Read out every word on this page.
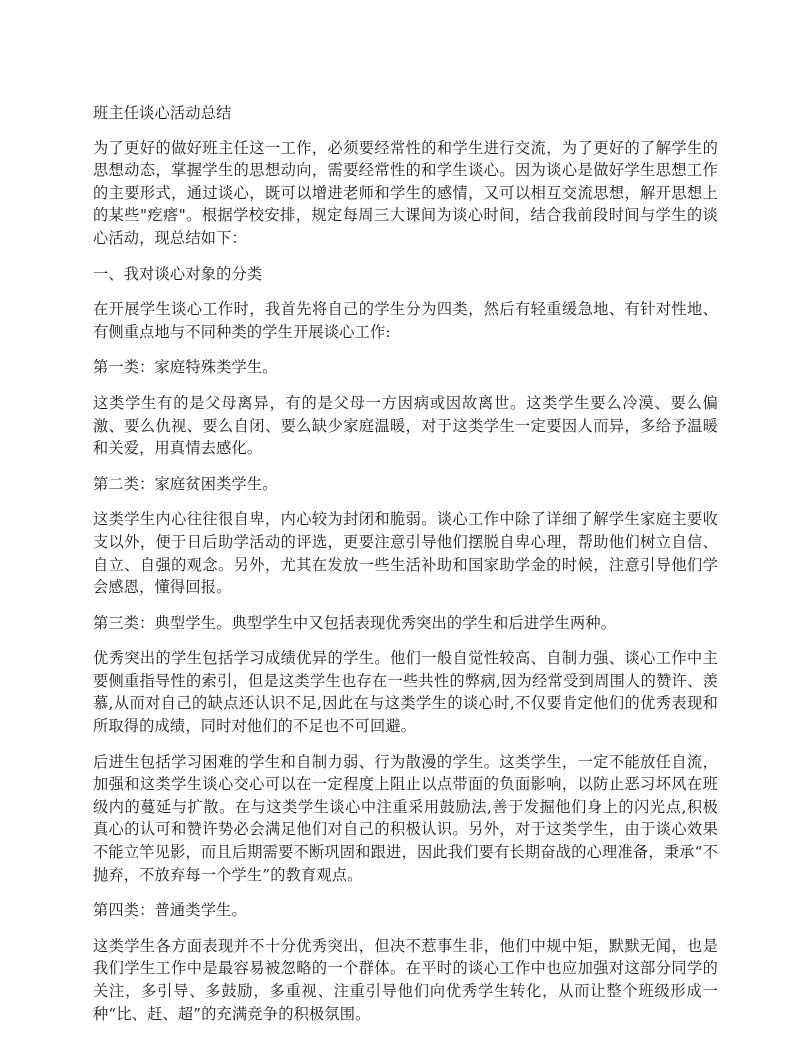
班主任谈心活动总结

为了更好的做好班主任这一工作，必须要经常性的和学生进行交流，为了更好的了解学生的思想动态，掌握学生的思想动向，需要经常性的和学生谈心。因为谈心是做好学生思想工作的主要形式，通过谈心，既可以增进老师和学生的感情，又可以相互交流思想，解开思想上的某些"疙瘩"。根据学校安排，规定每周三大课间为谈心时间，结合我前段时间与学生的谈心活动，现总结如下：

一、我对谈心对象的分类

在开展学生谈心工作时，我首先将自己的学生分为四类，然后有轻重缓急地、有针对性地、有侧重点地与不同种类的学生开展谈心工作:

第一类：家庭特殊类学生。

这类学生有的是父母离异，有的是父母一方因病或因故离世。这类学生要么冷漠、要么偏激、要么仇视、要么自闭、要么缺少家庭温暖，对于这类学生一定要因人而异，多给予温暖和关爱，用真情去感化。

第二类：家庭贫困类学生。

这类学生内心往往很自卑，内心较为封闭和脆弱。谈心工作中除了详细了解学生家庭主要收支以外，便于日后助学活动的评选，更要注意引导他们摆脱自卑心理，帮助他们树立自信、自立、自强的观念。另外，尤其在发放一些生活补助和国家助学金的时候，注意引导他们学会感恩，懂得回报。

第三类：典型学生。典型学生中又包括表现优秀突出的学生和后进学生两种。

优秀突出的学生包括学习成绩优异的学生。他们一般自觉性较高、自制力强、谈心工作中主要侧重指导性的索引，但是这类学生也存在一些共性的弊病,因为经常受到周围人的赞许、羡慕,从而对自己的缺点还认识不足,因此在与这类学生的谈心时,不仅要肯定他们的优秀表现和所取得的成绩，同时对他们的不足也不可回避。

后进生包括学习困难的学生和自制力弱、行为散漫的学生。这类学生，一定不能放任自流，加强和这类学生谈心交心可以在一定程度上阻止以点带面的负面影响，以防止恶习坏风在班级内的蔓延与扩散。在与这类学生谈心中注重采用鼓励法,善于发掘他们身上的闪光点,积极真心的认可和赞许势必会满足他们对自己的积极认识。另外，对于这类学生，由于谈心效果不能立竿见影，而且后期需要不断巩固和跟进，因此我们要有长期奋战的心理准备，秉承“不抛弃，不放弃每一个学生”的教育观点。

第四类：普通类学生。

这类学生各方面表现并不十分优秀突出，但决不惹事生非，他们中规中矩，默默无闻，也是我们学生工作中是最容易被忽略的一个群体。在平时的谈心工作中也应加强对这部分同学的关注，多引导、多鼓励，多重视、注重引导他们向优秀学生转化，从而让整个班级形成一种“比、赶、超”的充满竞争的积极氛围。
